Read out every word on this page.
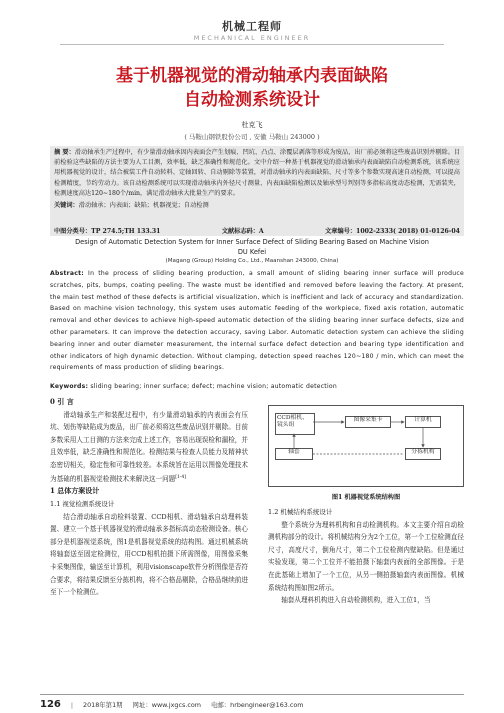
机械工程师
MECHANICAL ENGINEER
基于机器视觉的滑动轴承内表面缺陷
自动检测系统设计
杜克飞
( 马鞍山钢铁股份公司 , 安徽 马鞍山 243000 )

摘 要：滑动轴承生产过程中，有少量滑动轴承因内表面会产生划痕、凹坑、凸点、涂覆层剥落等形成为废品，出厂前必须将这些废品识别并剔除。目前检验这些缺陷的方法主要为人工目测，效率低，缺乏准确性和规范化。文中介绍一种基于机器视觉的滑动轴承内表面缺陷自动检测系统，该系统应用机器视觉的设计，结合被装工件自动转料、定轴回转、自动剔除等装置，对滑动轴承的内表面缺陷、尺寸等多个参数实现高速自动检测，可以提高检测精度，节约劳动力。该自动检测系统可以实现滑动轴承内外径尺寸测量、内表面缺陷检测以及轴承型号判别等多指标高度动态检测，无需装夹，检测速度高达120~180个/min，满足滑动轴承大批量生产的要求。

关键词：滑动轴承；内表面；缺陷；机器视觉；自动检测

中图分类号：TP 274.5;TH 133.31	文献标志码：A	文章编号：1002-2333( 2018) 01-0126-04
Design of Automatic Detection System for Inner Surface Defect of Sliding Bearing Based on Machine Vision
DU Kefei
(Magang (Group) Holding Co., Ltd., Maanshan 243000, China)

Abstract: In the process of sliding bearing production, a small amount of sliding bearing inner surface will produce scratches, pits, bumps, coating peeling. The waste must be identified and removed before leaving the factory. At present, the main test method of these defects is artificial visualization, which is inefficient and lack of accuracy and standardization. Based on machine vision technology, this system uses automatic feeding of the workpiece, fixed axis rotation, automatic removal and other devices to achieve high-speed automatic detection of the sliding bearing inner surface defects, size and other parameters. It can improve the detection accuracy, saving Labor. Automatic detection system can achieve the sliding bearing inner and outer diameter measurement, the internal surface defect detection and bearing type identification and other indicators of high dynamic detection. Without clamping, detection speed reaches 120~180 / min, which can meet the requirements of mass production of sliding bearings.

Keywords: sliding bearing; inner surface; defect; machine vision; automatic detection
0 引 言

滑动轴承生产和装配过程中，有少量滑动轴承的内表面会有压坑、划伤等缺陷成为废品，出厂前必须将这些废品识别并剔除。目前多数采用人工目测的方法来完成上述工作，容易出现误检和漏检，并且效率低，缺乏准确性和规范化。检测结果与检查人员能力及精神状态密切相关，稳定性和可靠性较差。本系统旨在运用以图像处理技术为基础的机器视觉检测技术来解决这一问题[1-4]

1 总体方案设计
1.1 视觉检测系统设计

结合滑动轴承自动检料装置、CCD相机、滑动轴承自动理料装置、建立一个基于机器视觉的滑动轴承多指标高动态检测设备。核心部分是机器视觉系统，图1是机器视觉系统的结构图。通过机械系统将轴套送至固定检测位，用CCD相机拍摄下所需图像，用图像采集卡采集图像，输送至计算机，利用visionscape软件分析图像是否符合要求，将结果反馈至分拣机构，将不合格品剔除，合格品继续前进至下一个检测位。

CCD相机、镜头组
图像采集卡	计算机
轴套	分拣机构
图1 机器视觉系统结构图
1.2 机械结构系统设计

整个系统分为理料机构和自动检测机构。本文主要介绍自动检测机构部分的设计。将机械结构分为2个工位，第一个工位检测直径尺寸，高度尺寸，倒角尺寸，第二个工位检测内壁缺陷。但是通过实验发现，第二个工位并不能拍摄下轴套内表面的全部图像。于是在此基础上增加了一个工位，从另一侧拍摄轴套内表面图像。机械系统结构图如图2所示。

轴套从理料机构进入自动检测机构，进入工位1，当

126 | 2018年第1期 网址：www.jxgcs.com 电邮：hrbengineer@163.com
